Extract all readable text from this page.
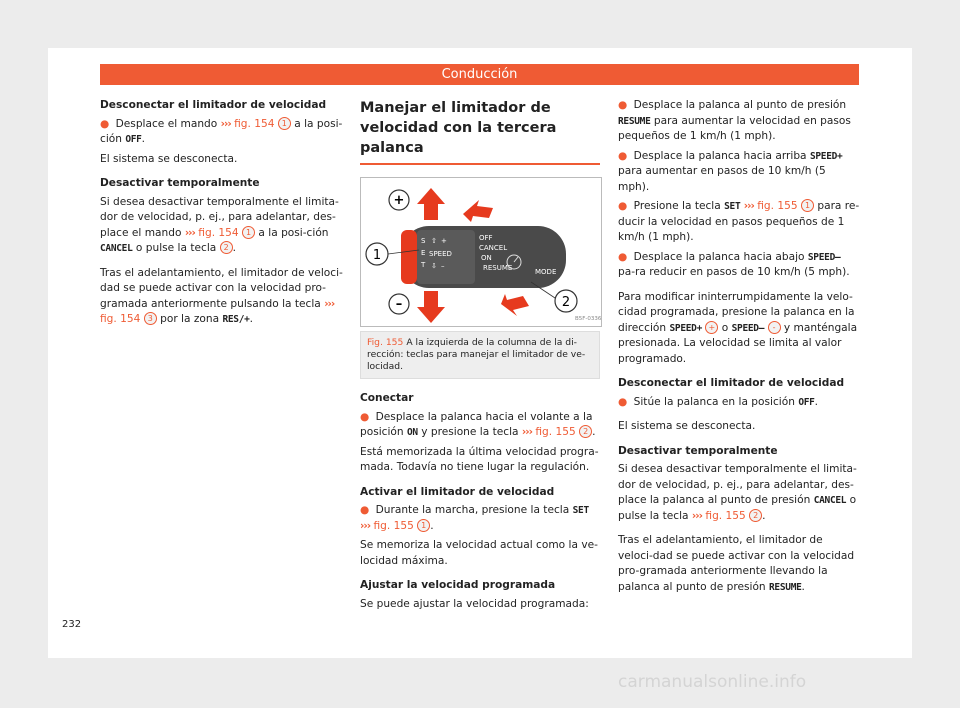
Conducción

Desconectar el limitador de velocidad

● Desplace el mando ››› fig. 154 1 a la posi-ción OFF.

El sistema se desconecta.

Desactivar temporalmente

Si desea desactivar temporalmente el limita-dor de velocidad, p. ej., para adelantar, des-place el mando ››› fig. 154 1 a la posi-ción CANCEL o pulse la tecla 2 .

Tras el adelantamiento, el limitador de veloci-dad se puede activar con la velocidad pro-gramada anteriormente pulsando la tecla ››› fig. 154 3 por la zona RES/+.

Manejar el limitador de velocidad con la tercera palanca
+
–
1
2
S
E
T
⇧ +
SPEED
⇩ –
OFF
CANCEL
ON
RESUME	MODE
B5F-0336
Fig. 155 A la izquierda de la columna de la di-rección: teclas para manejar el limitador de ve-locidad.

Conectar

● Desplace la palanca hacia el volante a la posición ON y presione la tecla ››› fig. 155 2 .

Está memorizada la última velocidad progra-mada. Todavía no tiene lugar la regulación.

Activar el limitador de velocidad

● Durante la marcha, presione la tecla SET ››› fig. 155 1 .

Se memoriza la velocidad actual como la ve-locidad máxima.

Ajustar la velocidad programada

Se puede ajustar la velocidad programada:

● Desplace la palanca al punto de presión RESUME para aumentar la velocidad en pasos pequeños de 1 km/h (1 mph).

● Desplace la palanca hacia arriba SPEED+ para aumentar en pasos de 10 km/h (5 mph).

● Presione la tecla SET ››› fig. 155 1 para re-ducir la velocidad en pasos pequeños de 1 km/h (1 mph).

● Desplace la palanca hacia abajo SPEED– pa-ra reducir en pasos de 10 km/h (5 mph).

Para modificar ininterrumpidamente la velo-cidad programada, presione la palanca en la dirección SPEED+ + o SPEED– - y manténgala presionada. La velocidad se limita al valor programado.

Desconectar el limitador de velocidad

● Sitúe la palanca en la posición OFF.

El sistema se desconecta.

Desactivar temporalmente

Si desea desactivar temporalmente el limita-dor de velocidad, p. ej., para adelantar, des-place la palanca al punto de presión CANCEL o pulse la tecla ››› fig. 155 2 .

Tras el adelantamiento, el limitador de veloci-dad se puede activar con la velocidad pro-gramada anteriormente llevando la palanca al punto de presión RESUME.

232
carmanualsonline.info
